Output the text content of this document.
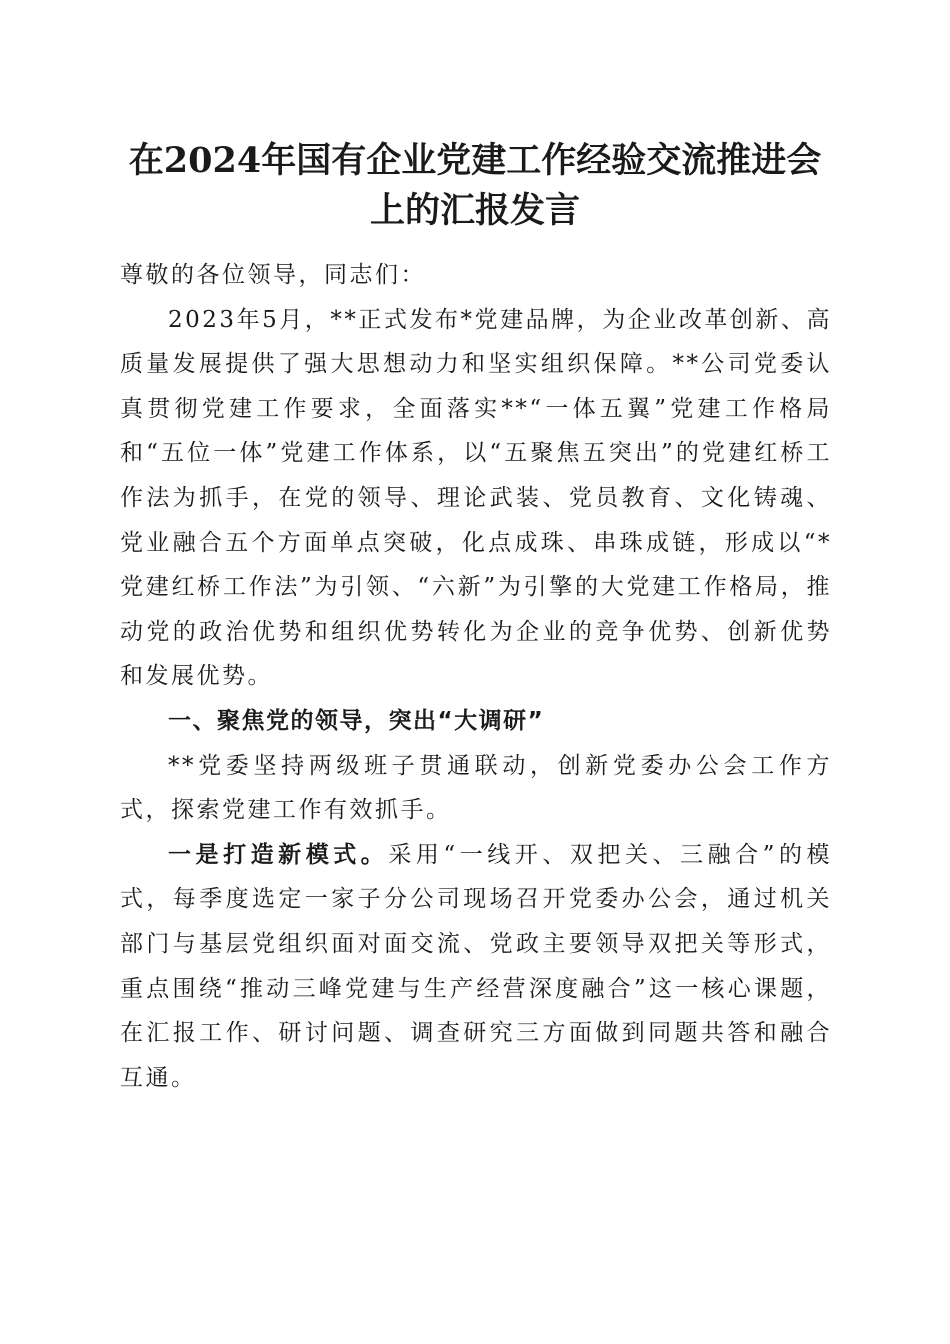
在2024年国有企业党建工作经验交流推进会
上的汇报发言

尊敬的各位领导，同志们：

2023年5月，**正式发布*党建品牌，为企业改革创新、高质量发展提供了强大思想动力和坚实组织保障。**公司党委认真贯彻党建工作要求，全面落实**“一体五翼”党建工作格局和“五位一体”党建工作体系，以“五聚焦五突出”的党建红桥工作法为抓手，在党的领导、理论武装、党员教育、文化铸魂、党业融合五个方面单点突破，化点成珠、串珠成链，形成以“*党建红桥工作法”为引领、“六新”为引擎的大党建工作格局，推动党的政治优势和组织优势转化为企业的竞争优势、创新优势和发展优势。

一、聚焦党的领导，突出“大调研”

**党委坚持两级班子贯通联动，创新党委办公会工作方式，探索党建工作有效抓手。

一是打造新模式。采用“一线开、双把关、三融合”的模式，每季度选定一家子分公司现场召开党委办公会，通过机关部门与基层党组织面对面交流、党政主要领导双把关等形式，重点围绕“推动三峰党建与生产经营深度融合”这一核心课题，在汇报工作、研讨问题、调查研究三方面做到同题共答和融合互通。
